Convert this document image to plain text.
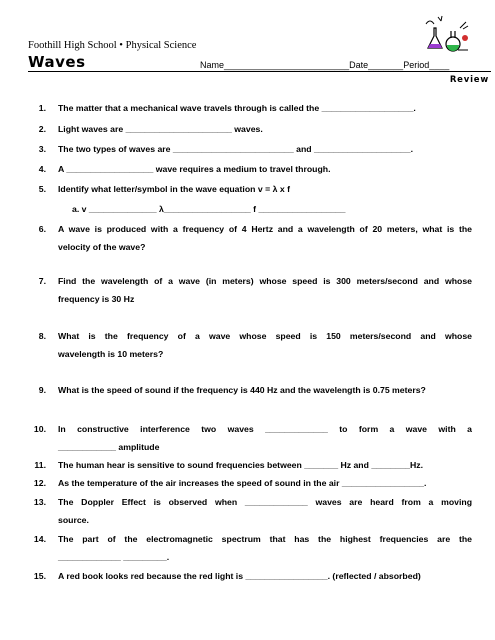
Foothill High School • Physical Science
Waves	Name_________________________Date_______Period____
Review
1. The matter that a mechanical wave travels through is called the ___________________.
2. Light waves are ______________________ waves.
3. The two types of waves are _________________________ and ____________________.
4. A __________________ wave requires a medium to travel through.
5. Identify what letter/symbol in the wave equation v = λ x f
a. v ______________ λ__________________ f __________________
6. A wave is produced with a frequency of 4 Hertz and a wavelength of 20 meters, what is the
velocity of the wave?
7. Find the wavelength of a wave (in meters) whose speed is 300 meters/second and whose
frequency is 30 Hz
8. What is the frequency of a wave whose speed is 150 meters/second and whose
wavelength is 10 meters?
9. What is the speed of sound if the frequency is 440 Hz and the wavelength is 0.75 meters?
10. In constructive interference two waves _____________ to form a wave with a
____________ amplitude
11. The human hear is sensitive to sound frequencies between _______ Hz and ________Hz.
12. As the temperature of the air increases the speed of sound in the air _________________.
13. The Doppler Effect is observed when _____________ waves are heard from a moving
source.
14. The part of the electromagnetic spectrum that has the highest frequencies are the
_____________ _________.
15. A red book looks red because the red light is _________________. (reflected / absorbed)
